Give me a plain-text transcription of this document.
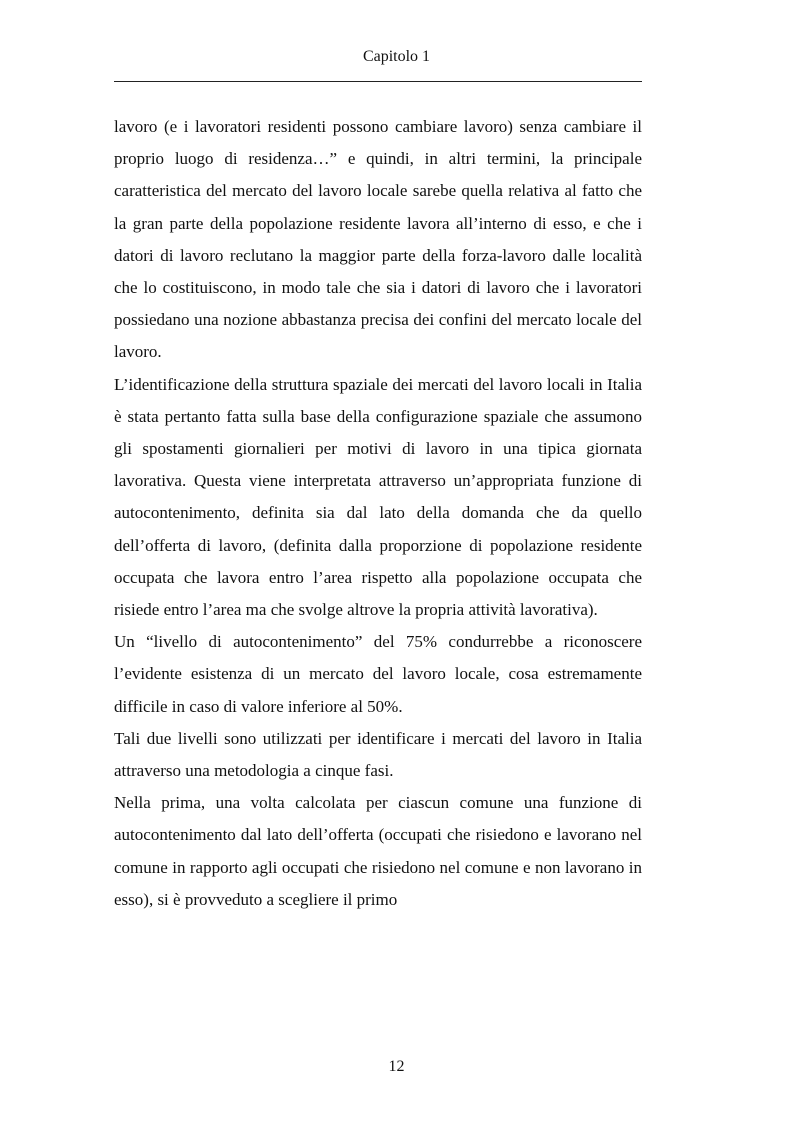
Capitolo 1

lavoro (e i lavoratori residenti possono cambiare lavoro) senza cambiare il proprio luogo di residenza…” e quindi, in altri termini, la principale caratteristica del mercato del lavoro locale sarebe quella relativa al fatto che la gran parte della popolazione residente lavora all’interno di esso, e che i datori di lavoro reclutano la maggior parte della forza-lavoro dalle località che lo costituiscono, in modo tale che sia i datori di lavoro che i lavoratori possiedano una nozione abbastanza precisa dei confini del mercato locale del lavoro.

L’identificazione della struttura spaziale dei mercati del lavoro locali in Italia è stata pertanto fatta sulla base della configurazione spaziale che assumono gli spostamenti giornalieri per motivi di lavoro in una tipica giornata lavorativa. Questa viene interpretata attraverso un’appropriata funzione di autocontenimento, definita sia dal lato della domanda che da quello dell’offerta di lavoro, (definita dalla proporzione di popolazione residente occupata che lavora entro l’area rispetto alla popolazione occupata che risiede entro l’area ma che svolge altrove la propria attività lavorativa).

Un “livello di autocontenimento” del 75% condurrebbe a riconoscere l’evidente esistenza di un mercato del lavoro locale, cosa estremamente difficile in caso di valore inferiore al 50%.

Tali due livelli sono utilizzati per identificare i mercati del lavoro in Italia attraverso una metodologia a cinque fasi.

Nella prima, una volta calcolata per ciascun comune una funzione di autocontenimento dal lato dell’offerta (occupati che risiedono e lavorano nel comune in rapporto agli occupati che risiedono nel comune e non lavorano in esso), si è provveduto a scegliere il primo

12
